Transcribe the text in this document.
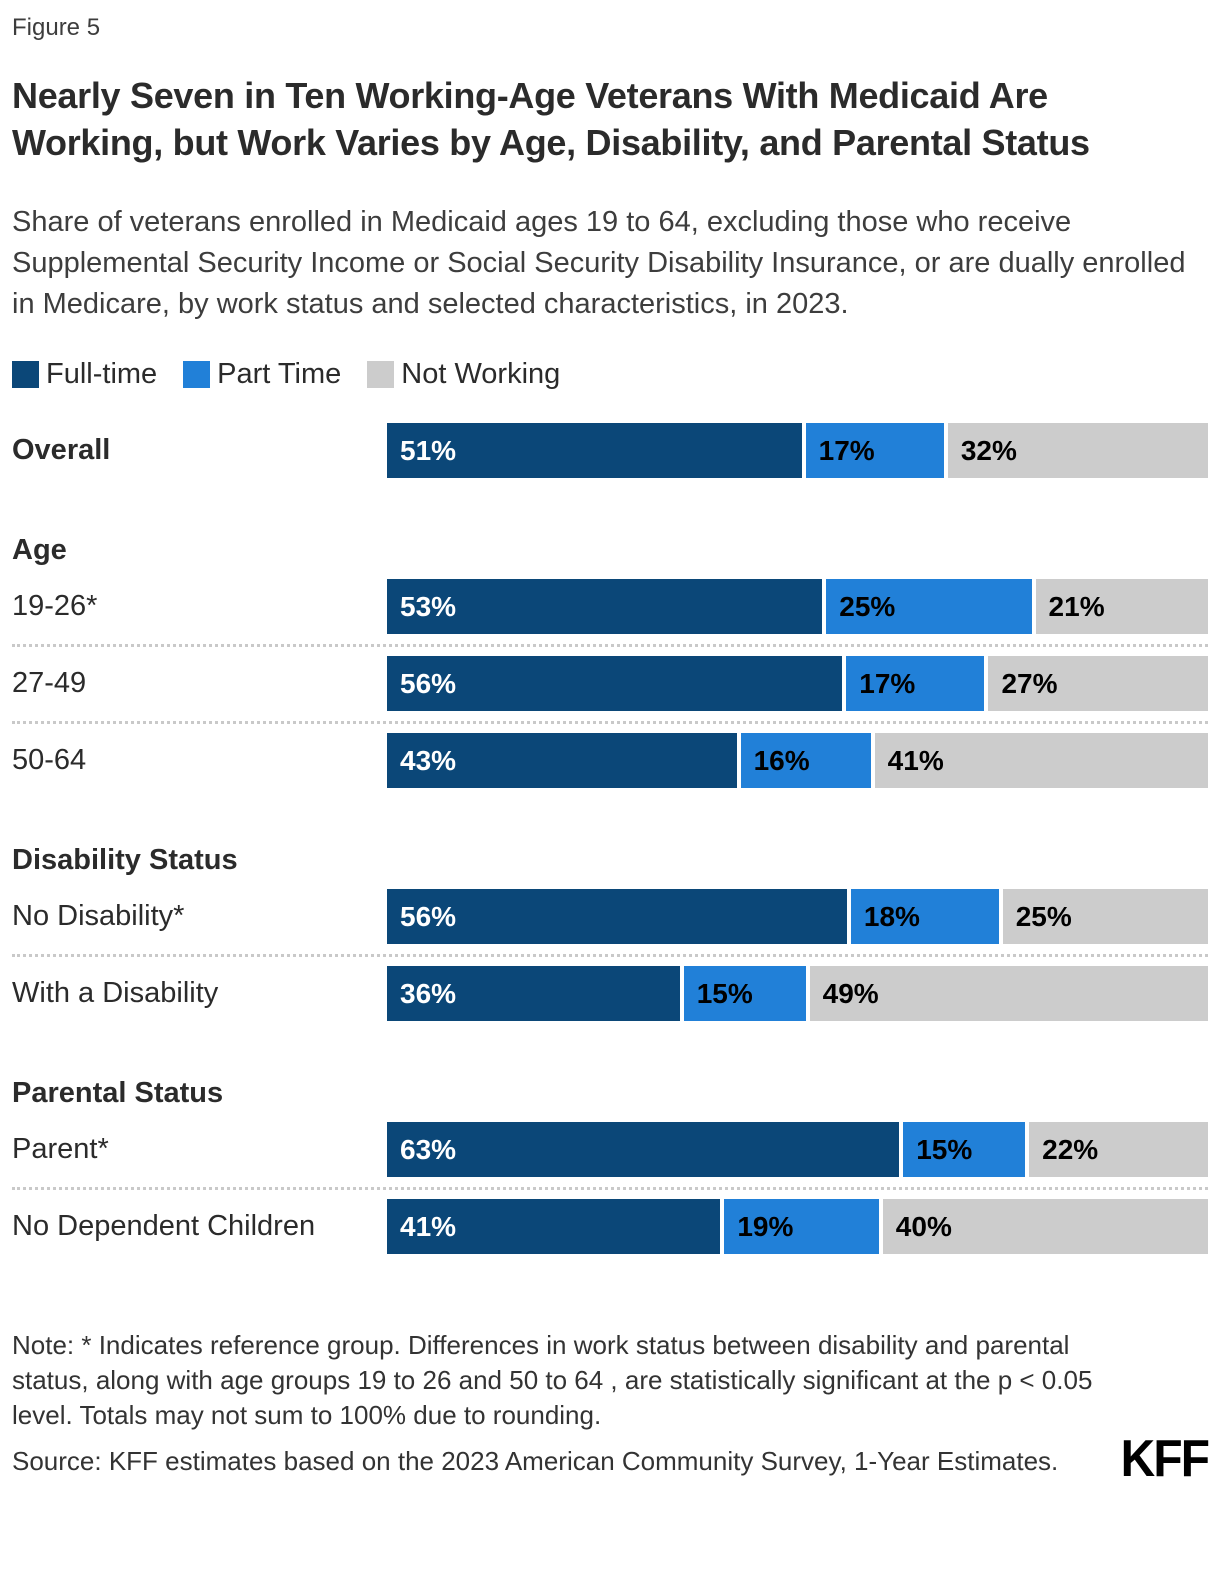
Figure 5
Nearly Seven in Ten Working-Age Veterans With Medicaid Are Working, but Work Varies by Age, Disability, and Parental Status

Share of veterans enrolled in Medicaid ages 19 to 64, excluding those who receive Supplemental Security Income or Social Security Disability Insurance, or are dually enrolled in Medicare, by work status and selected characteristics, in 2023.

Full-time Part Time Not Working
Overall	51%	17%	32%
Age
19-26*	53%	25%	21%
27-49	56%	17%	27%
50-64	43%	16%	41%
Disability Status
No Disability*	56%	18%	25%
With a Disability	36%	15%	49%
Parental Status
Parent*	63%	15%	22%
No Dependent Children	41%	19%	40%

Note: * Indicates reference group. Differences in work status between disability and parental status, along with age groups 19 to 26 and 50 to 64 , are statistically significant at the p < 0.05 level. Totals may not sum to 100% due to rounding.

Source: KFF estimates based on the 2023 American Community Survey, 1-Year Estimates. KFF
